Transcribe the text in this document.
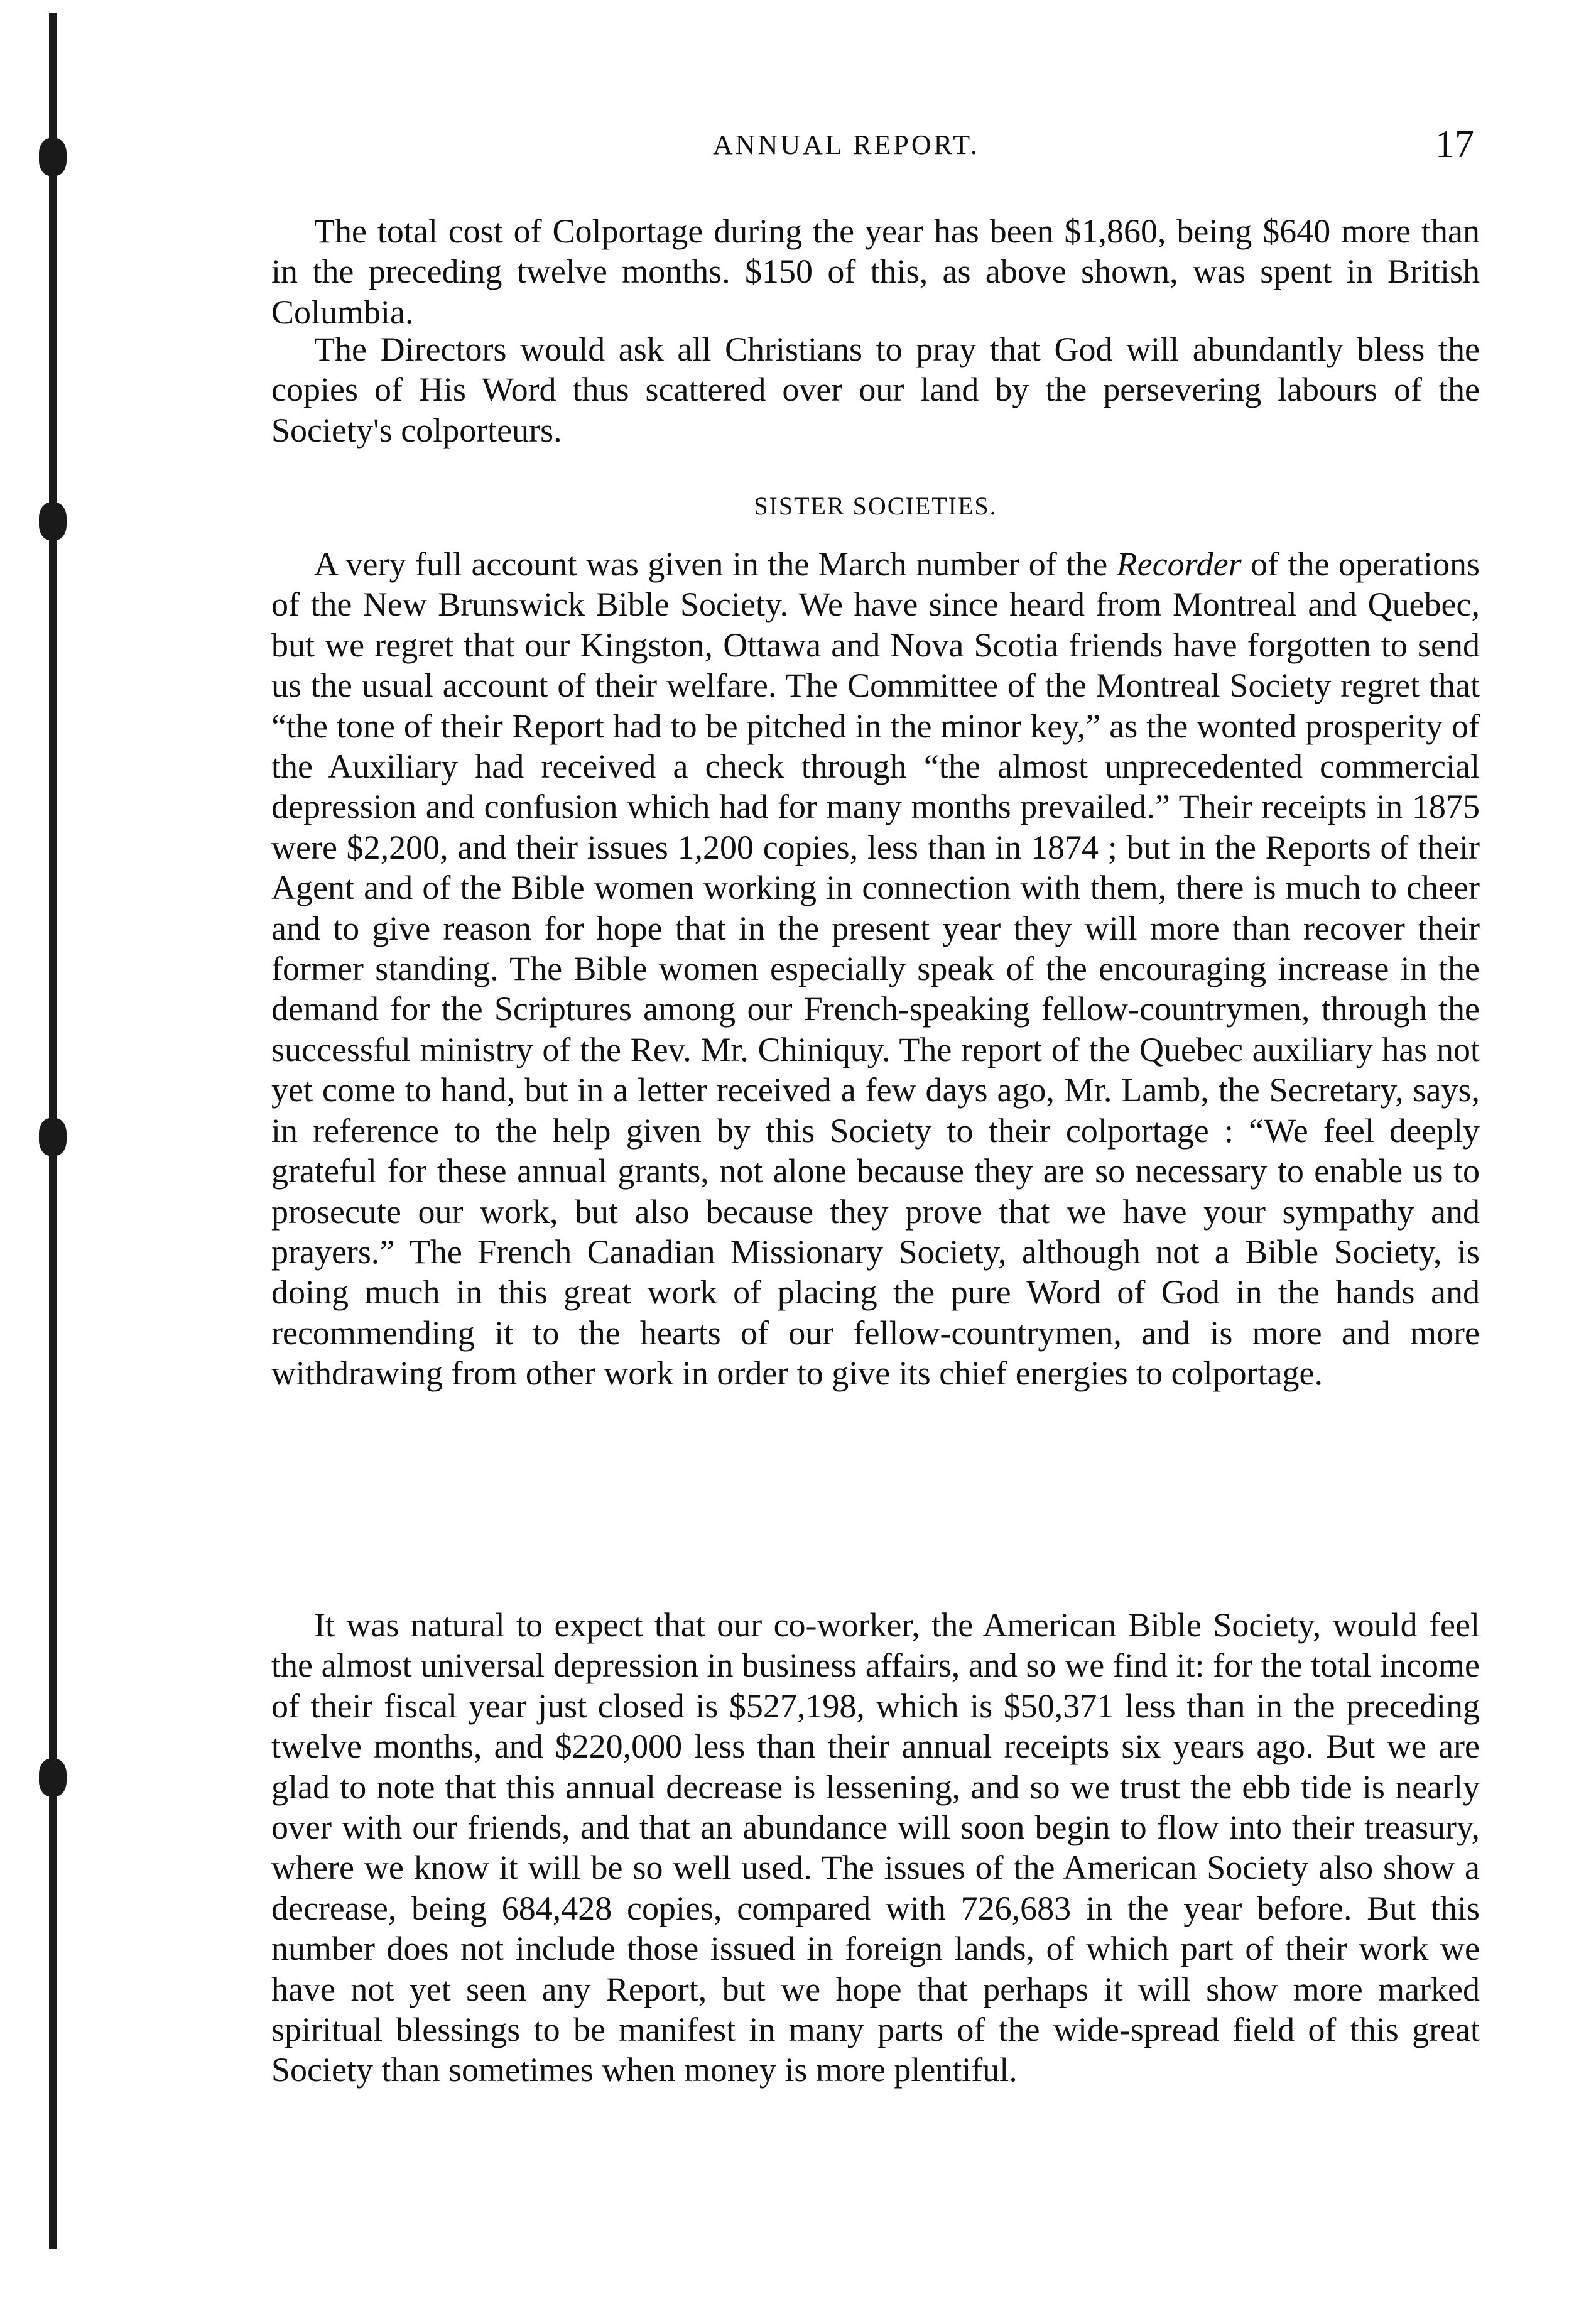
ANNUAL REPORT.	17

The total cost of Colportage during the year has been $1,860, being $640 more than in the preceding twelve months. $150 of this, as above shown, was spent in British Columbia.

The Directors would ask all Christians to pray that God will abundantly bless the copies of His Word thus scattered over our land by the persevering labours of the Society's colporteurs.

SISTER SOCIETIES.

A very full account was given in the March number of the Recorder of the operations of the New Brunswick Bible Society. We have since heard from Montreal and Quebec, but we regret that our Kingston, Ottawa and Nova Scotia friends have forgotten to send us the usual account of their welfare. The Committee of the Montreal Society regret that “the tone of their Report had to be pitched in the minor key,” as the wonted prosperity of the Auxiliary had received a check through “the almost unprecedented commercial depression and confusion which had for many months prevailed.” Their receipts in 1875 were $2,200, and their issues 1,200 copies, less than in 1874 ; but in the Reports of their Agent and of the Bible women working in connection with them, there is much to cheer and to give reason for hope that in the present year they will more than recover their former standing. The Bible women especially speak of the encouraging increase in the demand for the Scriptures among our French-speaking fellow-countrymen, through the successful ministry of the Rev. Mr. Chiniquy. The report of the Quebec auxiliary has not yet come to hand, but in a letter received a few days ago, Mr. Lamb, the Secretary, says, in reference to the help given by this Society to their colportage : “We feel deeply grateful for these annual grants, not alone because they are so necessary to enable us to prosecute our work, but also because they prove that we have your sympathy and prayers.” The French Canadian Missionary Society, although not a Bible Society, is doing much in this great work of placing the pure Word of God in the hands and recommending it to the hearts of our fellow-countrymen, and is more and more withdrawing from other work in order to give its chief energies to colportage.

It was natural to expect that our co-worker, the American Bible Society, would feel the almost universal depression in business affairs, and so we find it: for the total income of their fiscal year just closed is $527,198, which is $50,371 less than in the preceding twelve months, and $220,000 less than their annual receipts six years ago. But we are glad to note that this annual decrease is lessening, and so we trust the ebb tide is nearly over with our friends, and that an abundance will soon begin to flow into their treasury, where we know it will be so well used. The issues of the American Society also show a decrease, being 684,428 copies, compared with 726,683 in the year before. But this number does not include those issued in foreign lands, of which part of their work we have not yet seen any Report, but we hope that perhaps it will show more marked spiritual blessings to be manifest in many parts of the wide-spread field of this great Society than sometimes when money is more plentiful.
